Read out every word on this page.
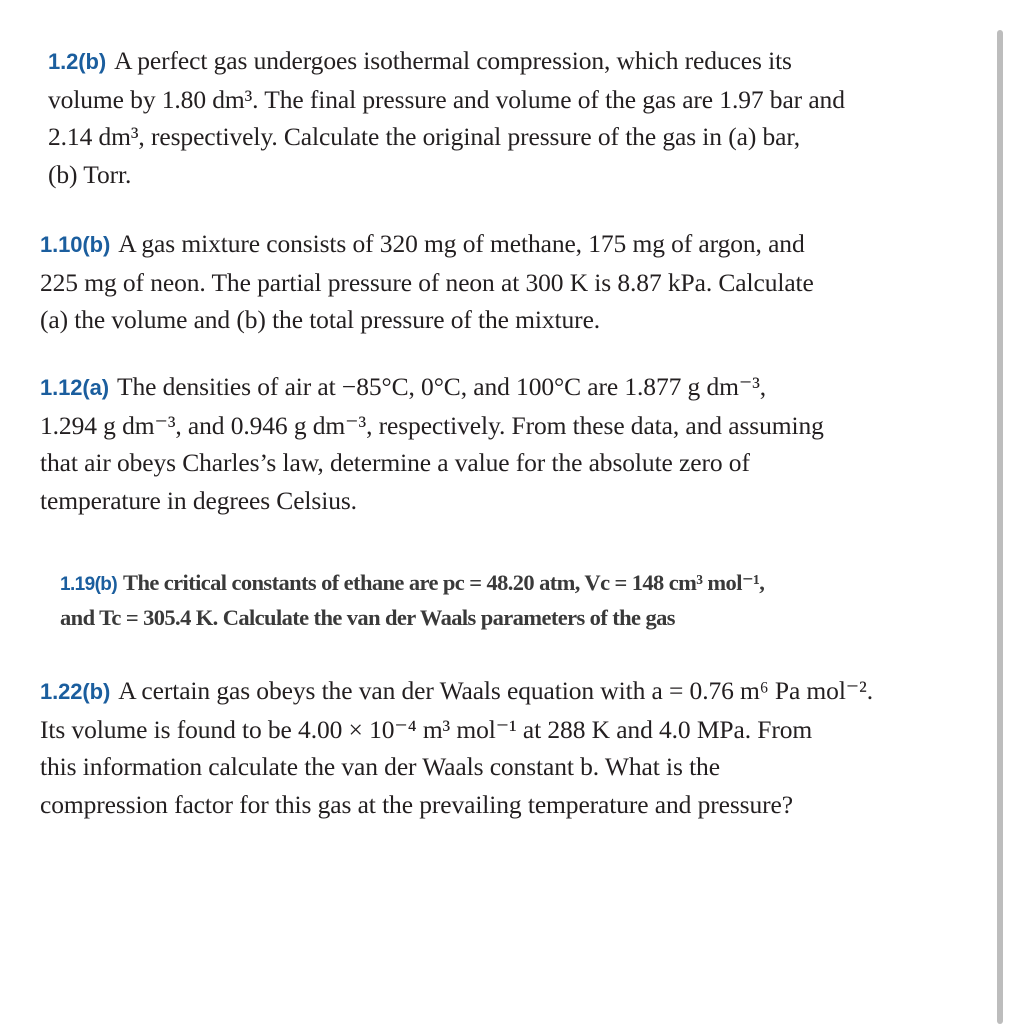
1.2(b) A perfect gas undergoes isothermal compression, which reduces its
volume by 1.80 dm³. The final pressure and volume of the gas are 1.97 bar and
2.14 dm³, respectively. Calculate the original pressure of the gas in (a) bar,
(b) Torr.
1.10(b) A gas mixture consists of 320 mg of methane, 175 mg of argon, and
225 mg of neon. The partial pressure of neon at 300 K is 8.87 kPa. Calculate
(a) the volume and (b) the total pressure of the mixture.
1.12(a) The densities of air at −85°C, 0°C, and 100°C are 1.877 g dm⁻³,
1.294 g dm⁻³, and 0.946 g dm⁻³, respectively. From these data, and assuming
that air obeys Charles’s law, determine a value for the absolute zero of
temperature in degrees Celsius.
1.19(b) The critical constants of ethane are pc = 48.20 atm, Vc = 148 cm³ mol⁻¹,
and Tc = 305.4 K. Calculate the van der Waals parameters of the gas
1.22(b) A certain gas obeys the van der Waals equation with a = 0.76 m⁶ Pa mol⁻².
Its volume is found to be 4.00 × 10⁻⁴ m³ mol⁻¹ at 288 K and 4.0 MPa. From
this information calculate the van der Waals constant b. What is the
compression factor for this gas at the prevailing temperature and pressure?
